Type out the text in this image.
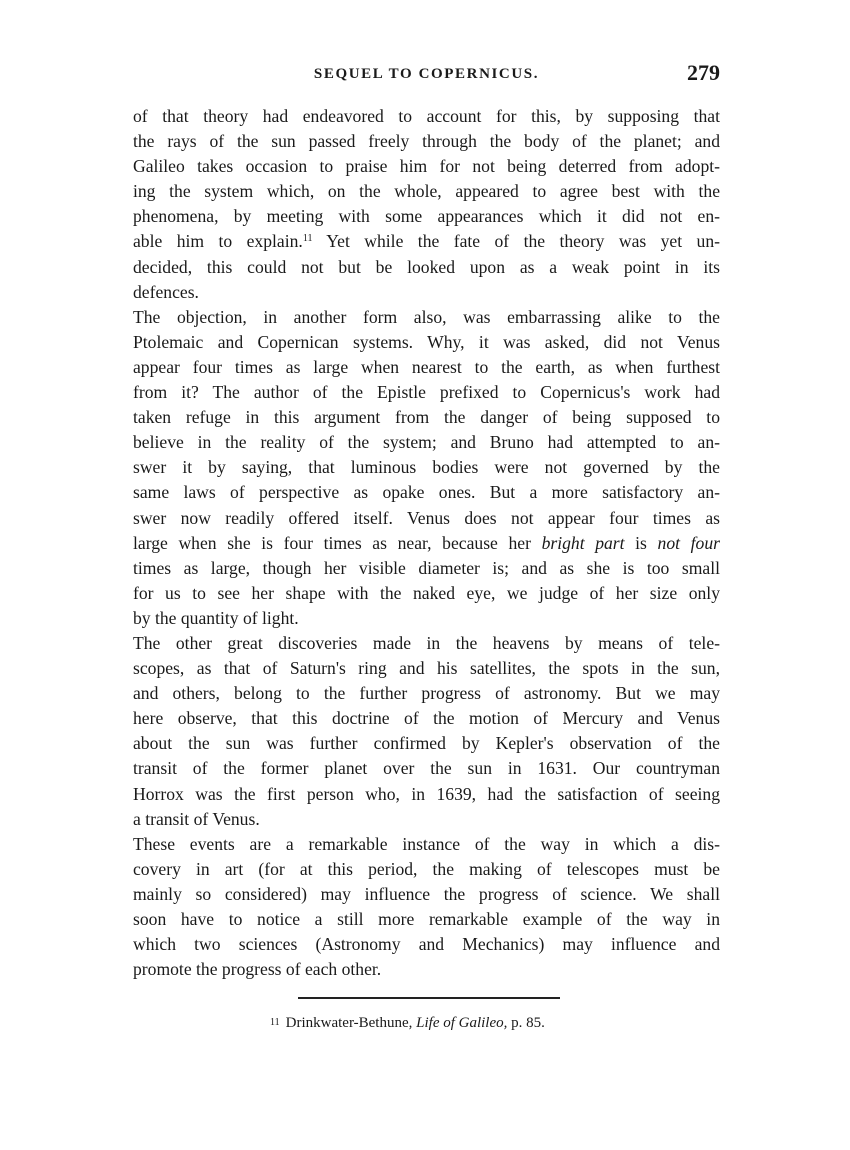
SEQUEL TO COPERNICUS.	279
of that theory had endeavored to account for this, by supposing that
the rays of the sun passed freely through the body of the planet; and
Galileo takes occasion to praise him for not being deterred from adopt-
ing the system which, on the whole, appeared to agree best with the
phenomena, by meeting with some appearances which it did not en-
able him to explain.$^{11}$ Yet while the fate of the theory was yet un-
decided, this could not but be looked upon as a weak point in its
defences.
The objection, in another form also, was embarrassing alike to the
Ptolemaic and Copernican systems. Why, it was asked, did not Venus
appear four times as large when nearest to the earth, as when furthest
from it? The author of the Epistle prefixed to Copernicus's work had
taken refuge in this argument from the danger of being supposed to
believe in the reality of the system; and Bruno had attempted to an-
swer it by saying, that luminous bodies were not governed by the
same laws of perspective as opake ones. But a more satisfactory an-
swer now readily offered itself. Venus does not appear four times as
large when she is four times as near, because her bright part is not four
times as large, though her visible diameter is; and as she is too small
for us to see her shape with the naked eye, we judge of her size only
by the quantity of light.
The other great discoveries made in the heavens by means of tele-
scopes, as that of Saturn's ring and his satellites, the spots in the sun,
and others, belong to the further progress of astronomy. But we may
here observe, that this doctrine of the motion of Mercury and Venus
about the sun was further confirmed by Kepler's observation of the
transit of the former planet over the sun in 1631. Our countryman
Horrox was the first person who, in 1639, had the satisfaction of seeing
a transit of Venus.
These events are a remarkable instance of the way in which a dis-
covery in art (for at this period, the making of telescopes must be
mainly so considered) may influence the progress of science. We shall
soon have to notice a still more remarkable example of the way in
which two sciences (Astronomy and Mechanics) may influence and
promote the progress of each other.
$^{11}$ Drinkwater-Bethune, Life of Galileo, p. 85.
